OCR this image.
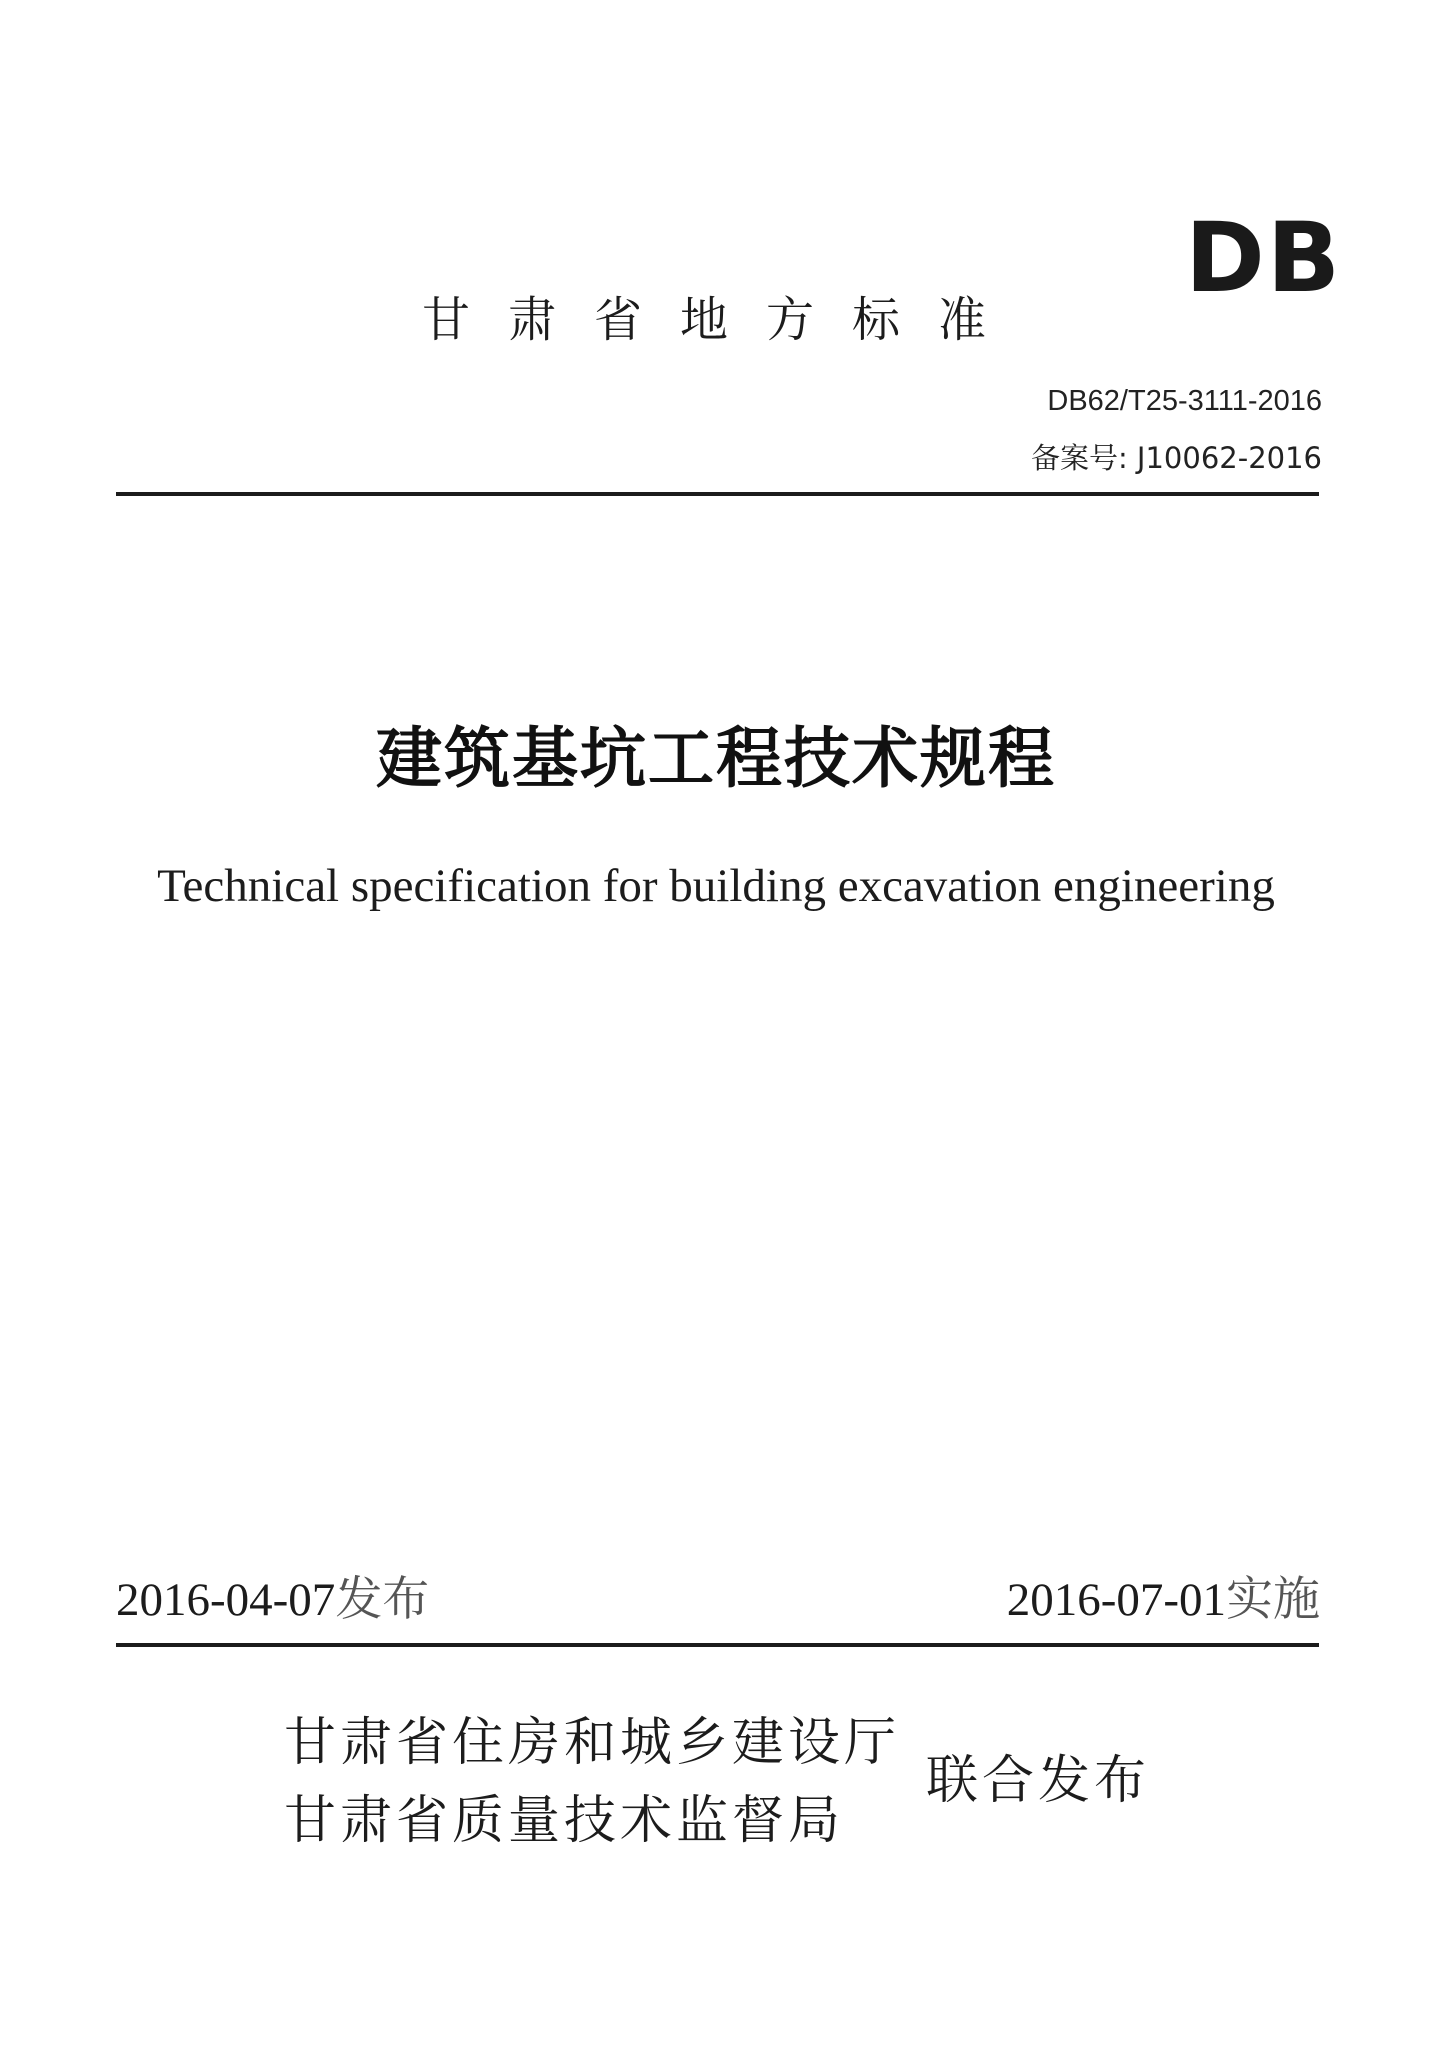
DB
甘肃省地方标准
DB62/T25-3111-2016
备案号: J10062-2016
建筑基坑工程技术规程
Technical specification for building excavation engineering
2016-04-07发布	2016-07-01实施
甘肃省住房和城乡建设厅
甘肃省质量技术监督局
联合发布
